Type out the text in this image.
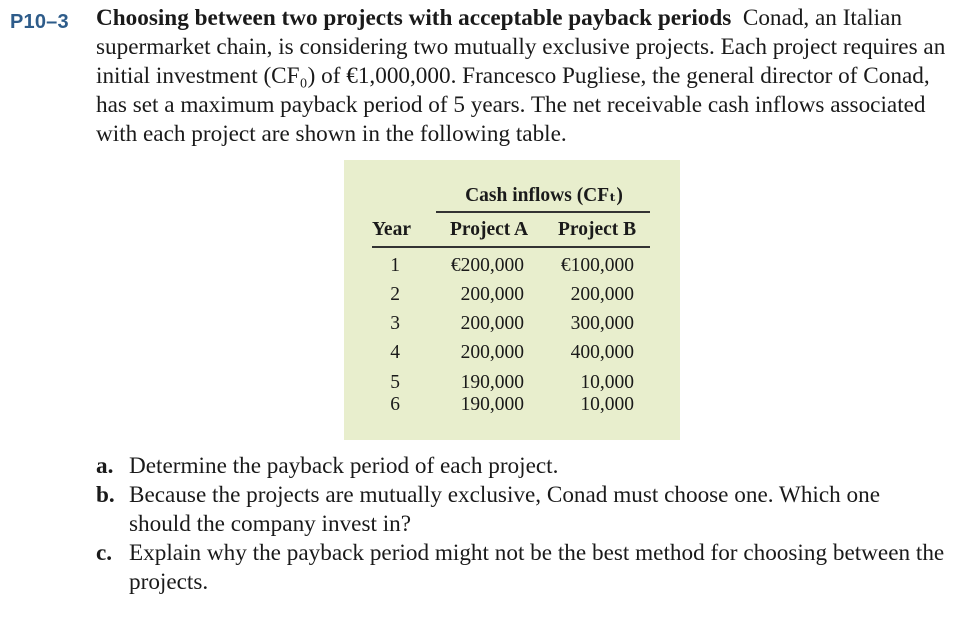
P10–3 Choosing between two projects with acceptable payback periods Conad, an Italian supermarket chain, is considering two mutually exclusive projects. Each project requires an initial investment (CF₀) of €1,000,000. Francesco Pugliese, the general director of Conad, has set a maximum payback period of 5 years. The net receivable cash inflows associated with each project are shown in the following table.
Cash inflows (CFₜ)
Year Project A Project B
1	€200,000	€100,000
2	200,000	200,000
3	200,000	300,000
4	200,000	400,000
5	190,000	10,000
6	190,000	10,000
a. Determine the payback period of each project.
b. Because the projects are mutually exclusive, Conad must choose one. Which one should the company invest in?
c. Explain why the payback period might not be the best method for choosing between the projects.
